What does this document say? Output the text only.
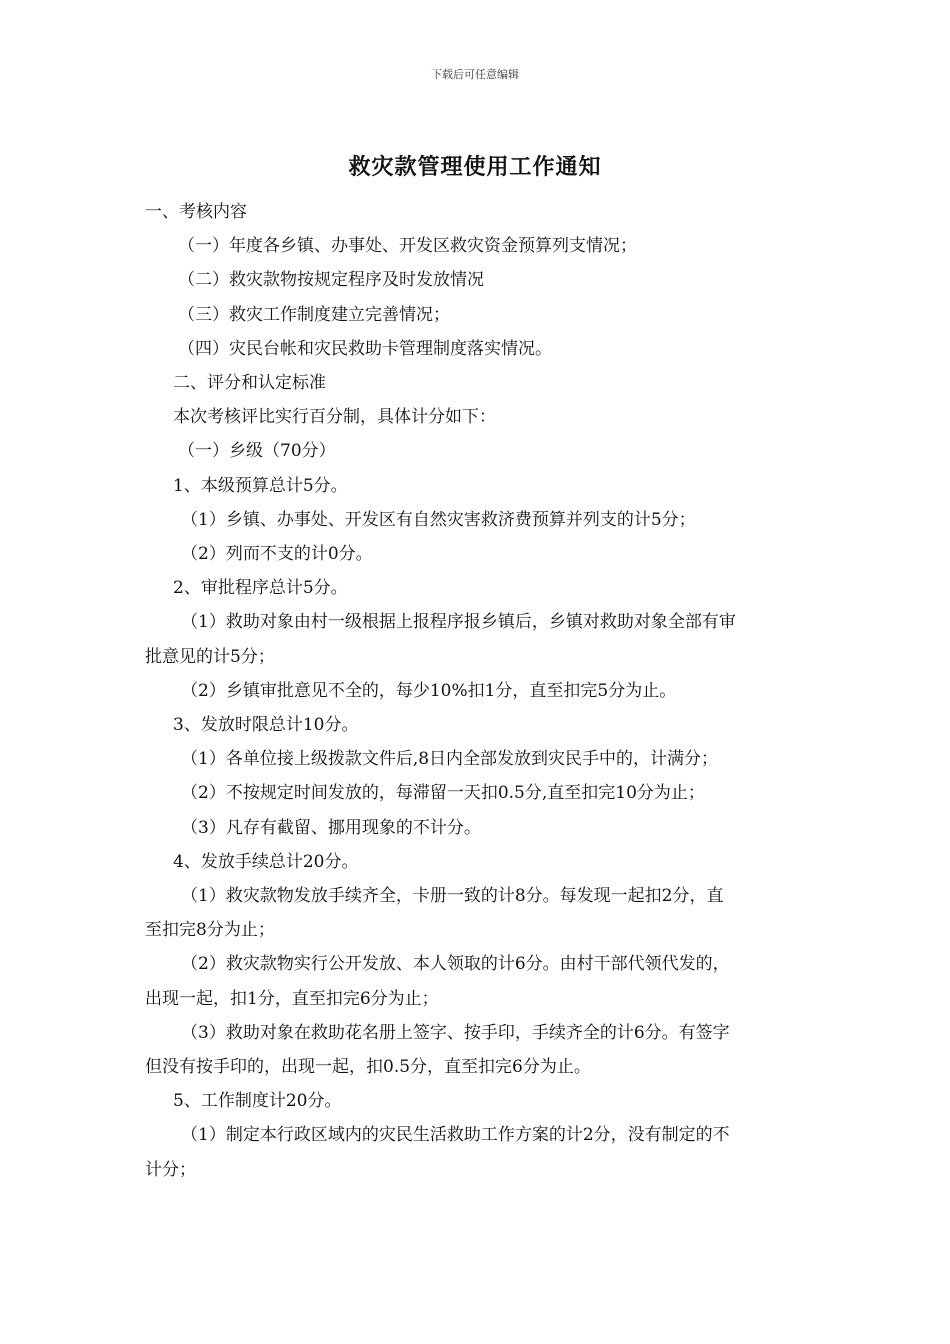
下载后可任意编辑
救灾款管理使用工作通知

一、考核内容

（一）年度各乡镇、办事处、开发区救灾资金预算列支情况；

（二）救灾款物按规定程序及时发放情况

（三）救灾工作制度建立完善情况；

（四）灾民台帐和灾民救助卡管理制度落实情况。

二、评分和认定标准

本次考核评比实行百分制，具体计分如下：

（一）乡级（70分）

1、本级预算总计5分。

（1）乡镇、办事处、开发区有自然灾害救济费预算并列支的计5分；

（2）列而不支的计0分。

2、审批程序总计5分。

（1）救助对象由村一级根据上报程序报乡镇后，乡镇对救助对象全部有审

批意见的计5分；

（2）乡镇审批意见不全的，每少10%扣1分，直至扣完5分为止。

3、发放时限总计10分。

（1）各单位接上级拨款文件后,8日内全部发放到灾民手中的，计满分；

（2）不按规定时间发放的，每滞留一天扣0.5分,直至扣完10分为止；

（3）凡存有截留、挪用现象的不计分。

4、发放手续总计20分。

（1）救灾款物发放手续齐全，卡册一致的计8分。每发现一起扣2分，直

至扣完8分为止；

（2）救灾款物实行公开发放、本人领取的计6分。由村干部代领代发的，

出现一起，扣1分，直至扣完6分为止；

（3）救助对象在救助花名册上签字、按手印，手续齐全的计6分。有签字

但没有按手印的，出现一起，扣0.5分，直至扣完6分为止。

5、工作制度计20分。

（1）制定本行政区域内的灾民生活救助工作方案的计2分，没有制定的不

计分；
